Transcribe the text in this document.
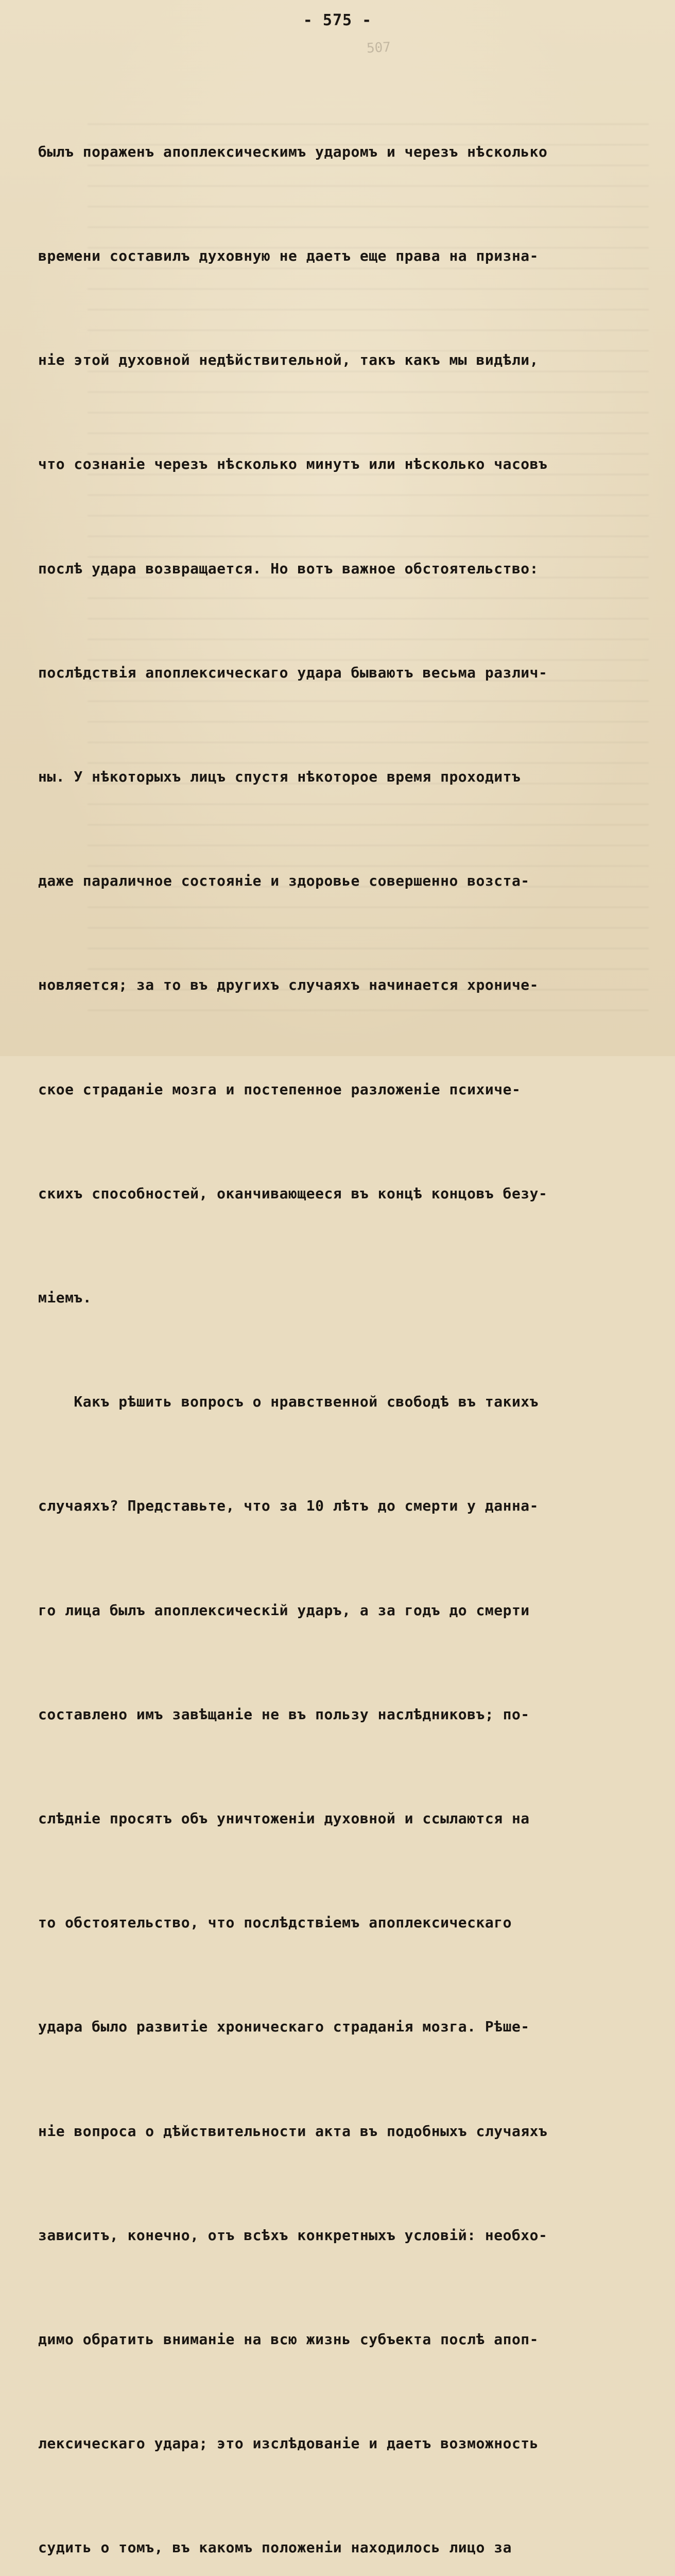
- 575 -
507

былъ пораженъ апоплексическимъ ударомъ и черезъ нѣсколько

времени составилъ духовную не даетъ еще права на призна-

нiе этой духовной недѣйствительной, такъ какъ мы видѣли,

что сознанiе черезъ нѣсколько минутъ или нѣсколько часовъ

послѣ удара возвращается. Но вотъ важное обстоятельство:

послѣдствiя апоплексическаго удара бываютъ весьма различ-

ны. У нѣкоторыхъ лицъ спустя нѣкоторое время проходитъ

даже параличное состоянiе и здоровье совершенно возста-

новляется; за то въ другихъ случаяхъ начинается хрониче-

ское страданiе мозга и постепенное разложенiе психиче-

скихъ способностей, оканчивающееся въ концѣ концовъ безу-

мiемъ.

Какъ рѣшить вопросъ о нравственной свободѣ въ такихъ

случаяхъ? Представьте, что за 10 лѣтъ до смерти у данна-

го лица былъ апоплексическiй ударъ, а за годъ до смерти

составлено имъ завѣщанiе не въ пользу наслѣдниковъ; по-

слѣднiе просятъ объ уничтоженiи духовной и ссылаются на

то обстоятельство, что послѣдствiемъ апоплексическаго

удара было развитiе хроническаго страданiя мозга. Рѣше-

нiе вопроса о дѣйствительности акта въ подобныхъ случаяхъ

зависитъ, конечно, отъ всѣхъ конкретныхъ условiй: необхо-

димо обратить вниманiе на всю жизнь субъекта послѣ апоп-

лексическаго удара; это изслѣдованiе и даетъ возможность

судить о томъ, въ какомъ положенiи находилось лицо за
